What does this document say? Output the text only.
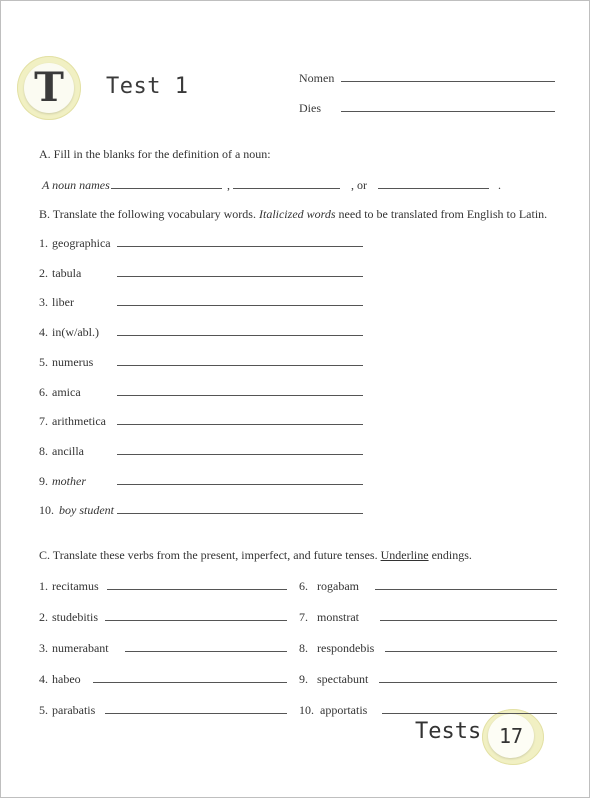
T	Test 1	Nomen
Dies
A. Fill in the blanks for the definition of a noun:
A noun names	,	, or	.
B. Translate the following vocabulary words. Italicized words need to be translated from English to Latin.
C. Translate these verbs from the present, imperfect, and future tenses. Underline endings.
Tests 17
1. geographica
2. tabula
3. liber
4. in(w/abl.)
5. numerus
6. amica
7. arithmetica
8. ancilla
9. mother
10. boy student
1. recitamus
2. studebitis
3. numerabant
4. habeo
5. parabatis
6. rogabam
7. monstrat
8. respondebis
9. spectabunt
10. apportatis
